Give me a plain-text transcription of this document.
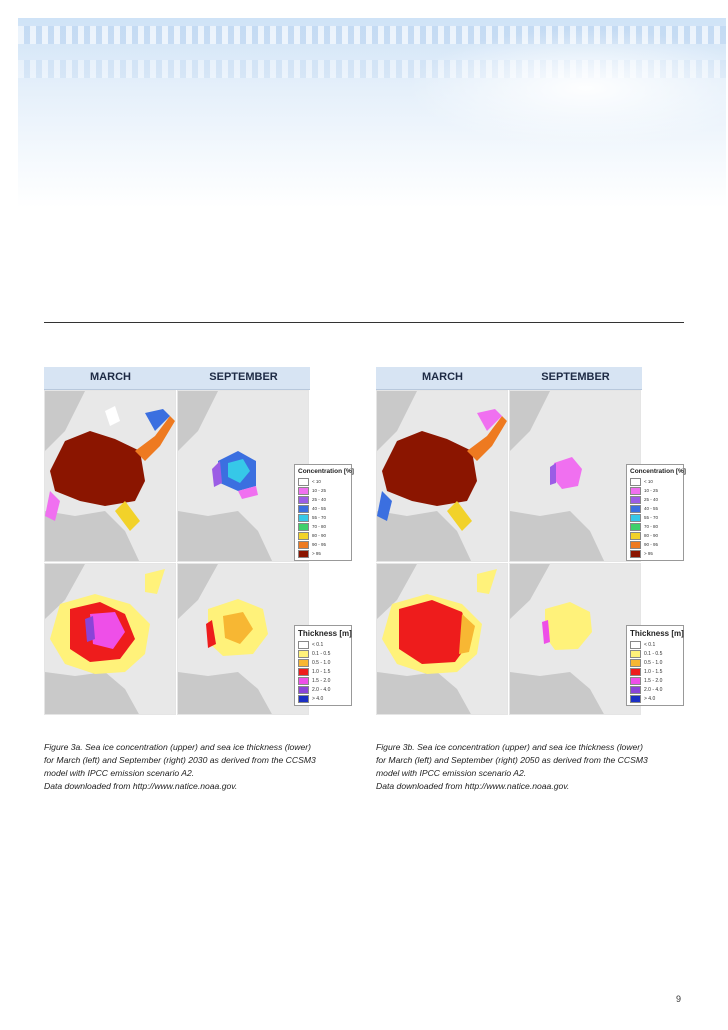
MARCH	SEPTEMBER
Concentration [%]
< 10
10 - 25
25 - 40
40 - 55
55 - 70
70 - 80
80 - 90
90 - 95
> 95
Thickness [m]
< 0.1
0.1 - 0.5
0.5 - 1.0
1.0 - 1.5
1.5 - 2.0
2.0 - 4.0
> 4.0
MARCH	SEPTEMBER
Concentration [%]
< 10
10 - 25
25 - 40
40 - 55
55 - 70
70 - 80
80 - 90
90 - 95
> 95
Thickness [m]
< 0.1
0.1 - 0.5
0.5 - 1.0
1.0 - 1.5
1.5 - 2.0
2.0 - 4.0
> 4.0
Figure 3a. Sea ice concentration (upper) and sea ice thickness (lower)
for March (left) and September (right) 2030 as derived from the CCSM3
model with IPCC emission scenario A2.
Data downloaded from http://www.natice.noaa.gov.
Figure 3b. Sea ice concentration (upper) and sea ice thickness (lower)
for March (left) and September (right) 2050 as derived from the CCSM3
model with IPCC emission scenario A2.
Data downloaded from http://www.natice.noaa.gov.
9
